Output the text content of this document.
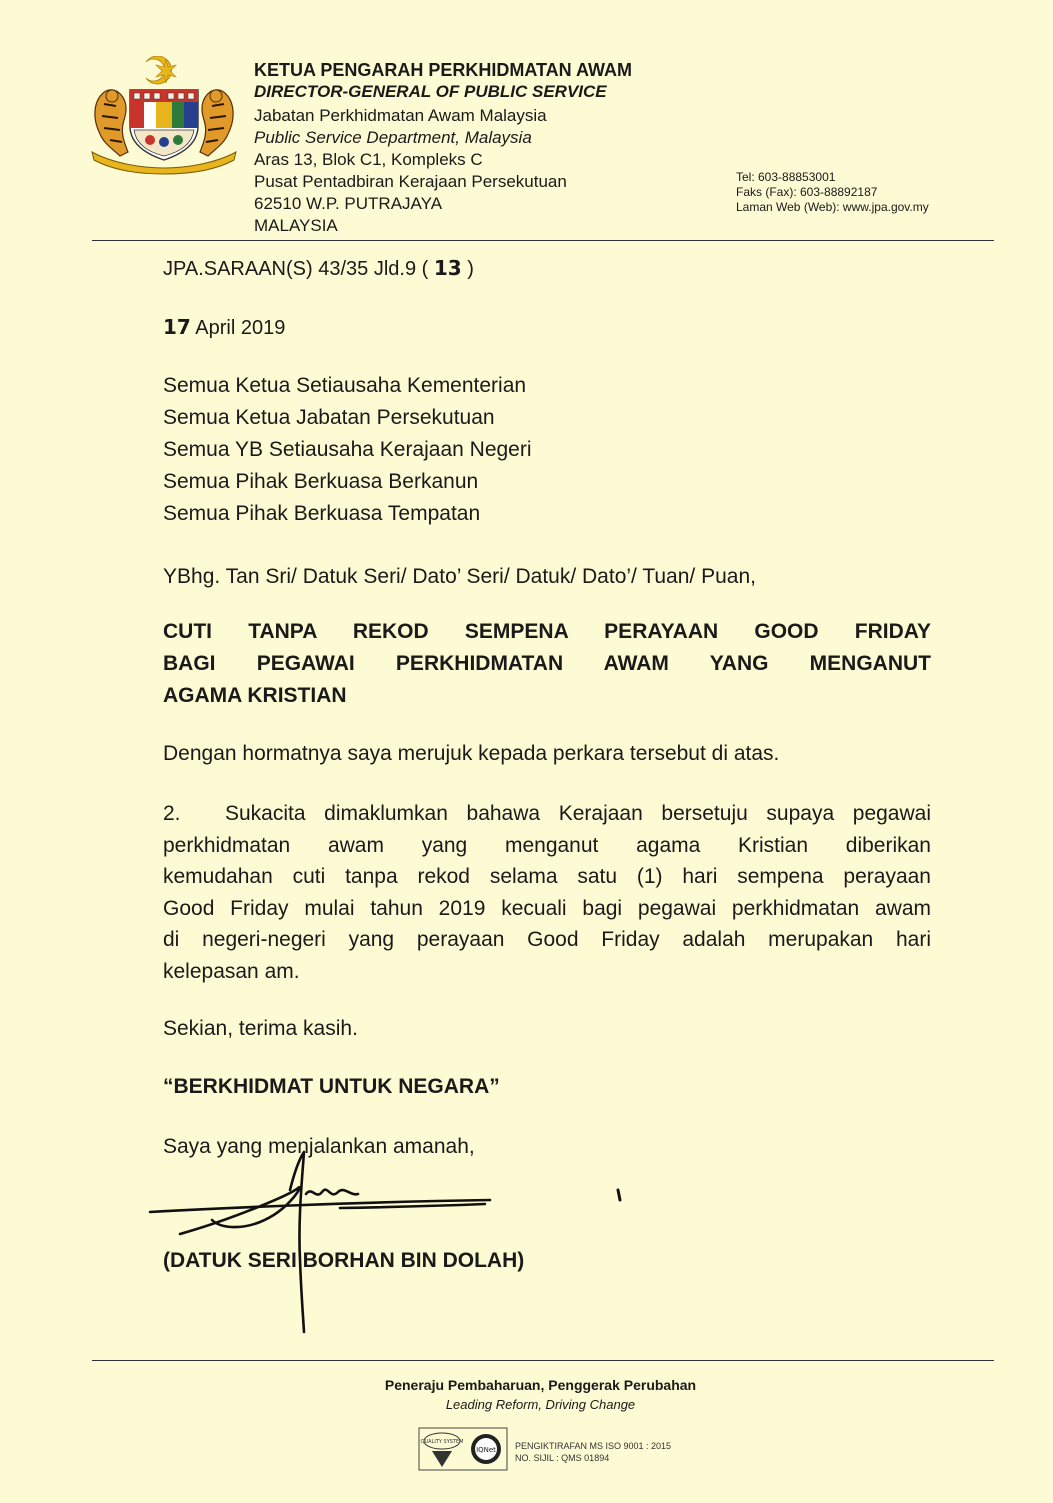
KETUA PENGARAH PERKHIDMATAN AWAM
DIRECTOR-GENERAL OF PUBLIC SERVICE
Jabatan Perkhidmatan Awam Malaysia
Public Service Department, Malaysia
Aras 13, Blok C1, Kompleks C
Pusat Pentadbiran Kerajaan Persekutuan
62510 W.P. PUTRAJAYA
MALAYSIA
Tel: 603-88853001
Faks (Fax): 603-88892187
Laman Web (Web): www.jpa.gov.my
JPA.SARAAN(S) 43/35 Jld.9 ( 13 )
17 April 2019
Semua Ketua Setiausaha Kementerian
Semua Ketua Jabatan Persekutuan
Semua YB Setiausaha Kerajaan Negeri
Semua Pihak Berkuasa Berkanun
Semua Pihak Berkuasa Tempatan
YBhg. Tan Sri/ Datuk Seri/ Dato’ Seri/ Datuk/ Dato’/ Tuan/ Puan,
CUTI TANPA REKOD SEMPENA PERAYAAN GOOD FRIDAY
BAGI PEGAWAI PERKHIDMATAN AWAM YANG MENGANUT
AGAMA KRISTIAN
Dengan hormatnya saya merujuk kepada perkara tersebut di atas.
2. Sukacita dimaklumkan bahawa Kerajaan bersetuju supaya pegawai
perkhidmatan awam yang menganut agama Kristian diberikan
kemudahan cuti tanpa rekod selama satu (1) hari sempena perayaan
Good Friday mulai tahun 2019 kecuali bagi pegawai perkhidmatan awam
di negeri-negeri yang perayaan Good Friday adalah merupakan hari
kelepasan am.
Sekian, terima kasih.
“BERKHIDMAT UNTUK NEGARA”
Saya yang menjalankan amanah,
(DATUK SERI BORHAN BIN DOLAH)
Peneraju Pembaharuan, Penggerak Perubahan
Leading Reform, Driving Change
QUALITY SYSTEM
IQNet PENGIKTIRAFAN MS ISO 9001 : 2015
NO. SIJIL : QMS 01894
